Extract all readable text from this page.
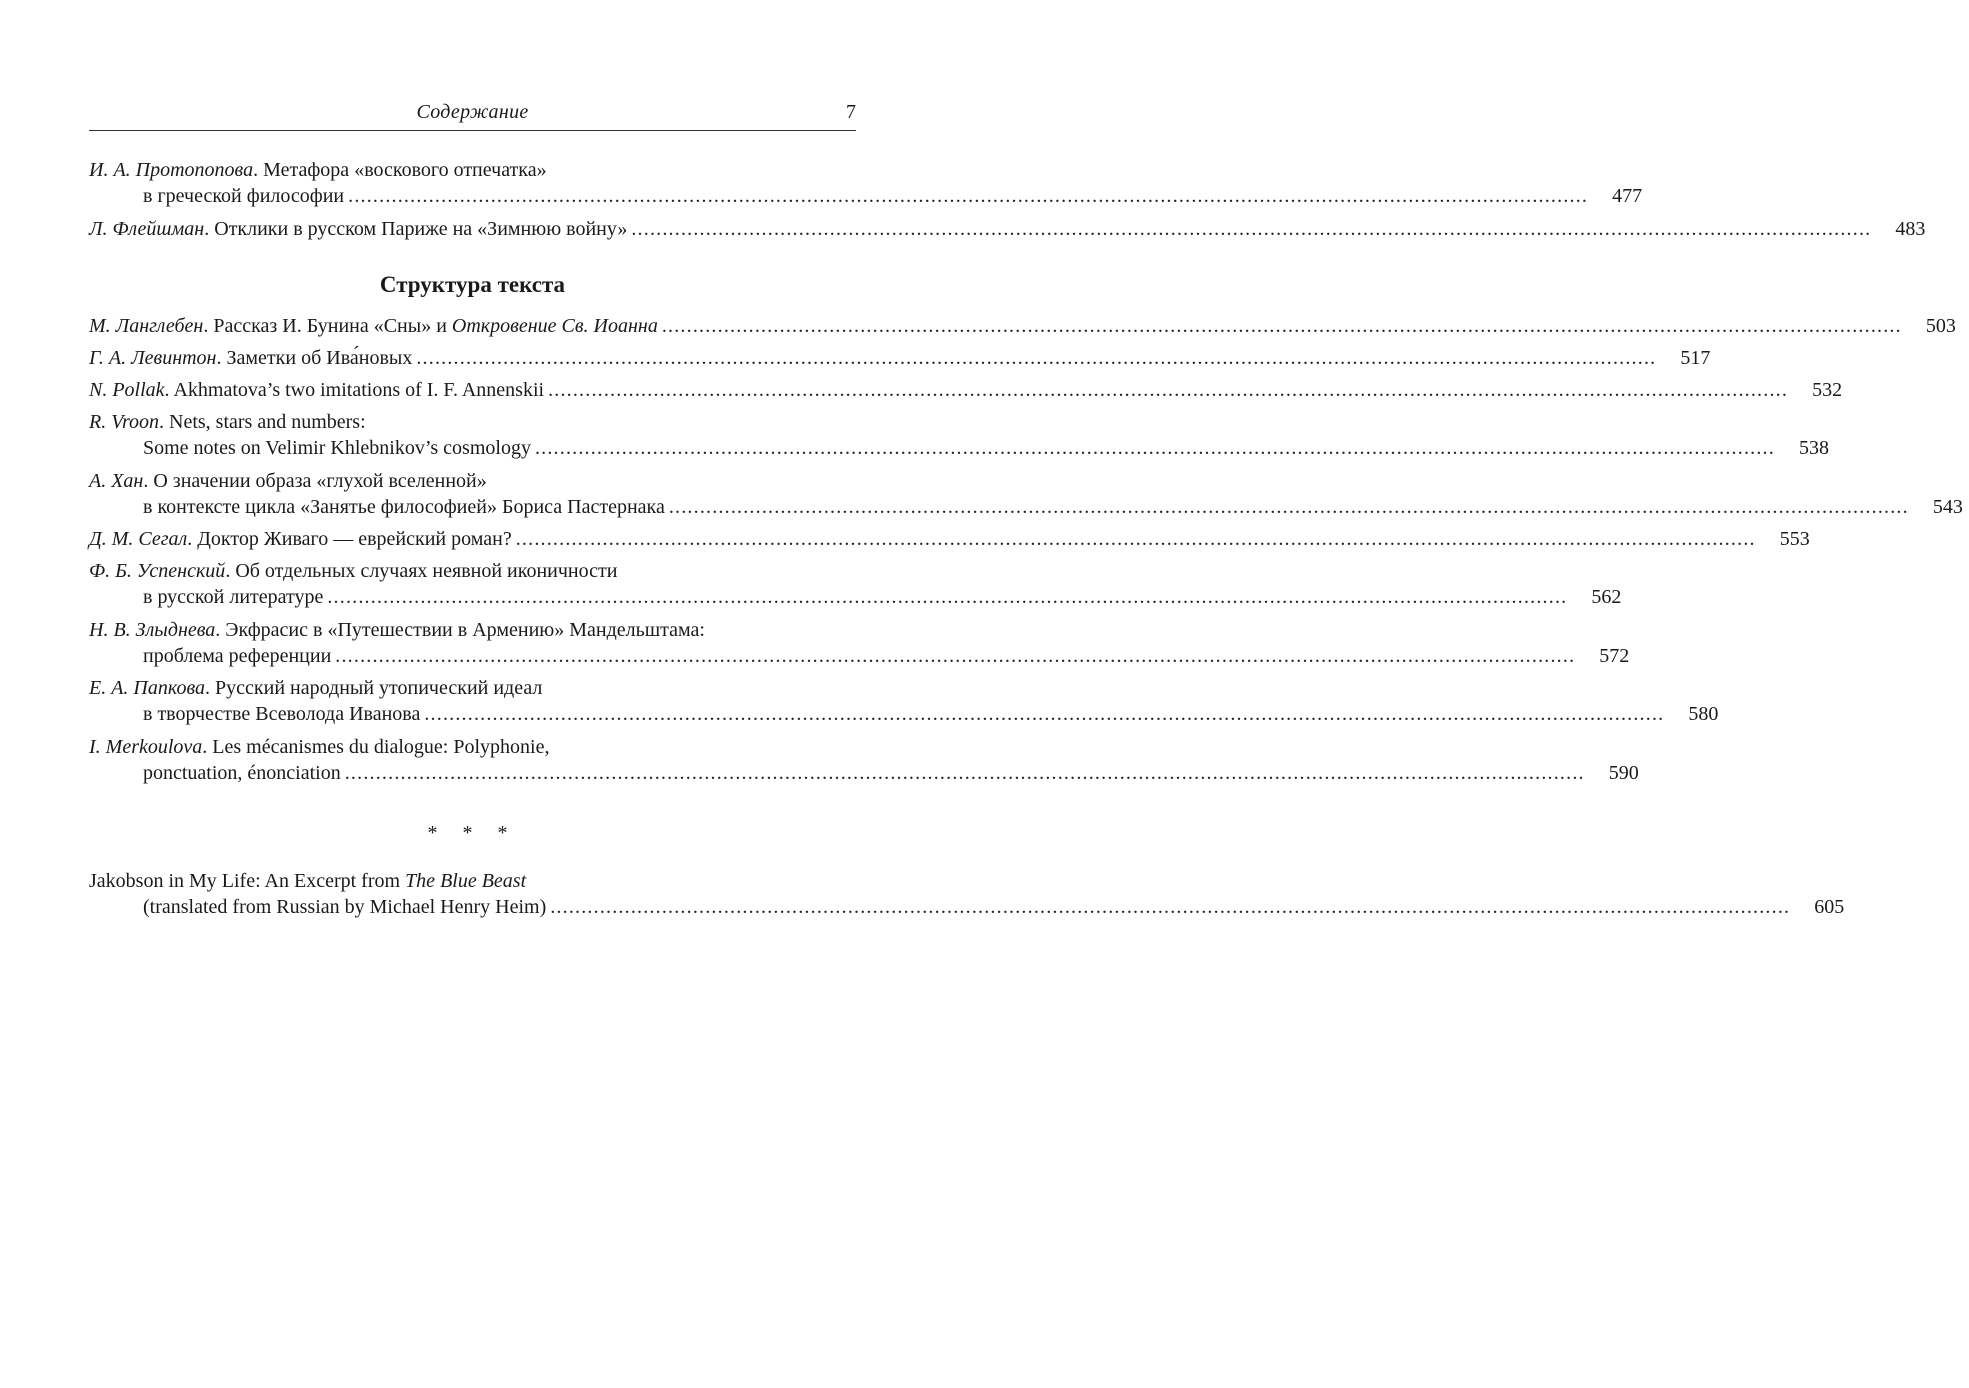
Содержание	7
И. А. Протопопова. Метафора «воскового отпечатка»
в греческой философии ........................................................................................................................................................................................................	477
Л. Флейшман. Отклики в русском Париже на «Зимнюю войну» ........................................................................................................................................................................................................	483
Структура текста
М. Ланглебен. Рассказ И. Бунина «Сны» и Откровение Св. Иоанна ........................................................................................................................................................................................................	503
Г. А. Левинтон. Заметки об Ива́новых ........................................................................................................................................................................................................	517
N. Pollak. Akhmatova’s two imitations of I. F. Annenskii ........................................................................................................................................................................................................	532
R. Vroon. Nets, stars and numbers:
Some notes on Velimir Khlebnikov’s cosmology ........................................................................................................................................................................................................	538
А. Хан. О значении образа «глухой вселенной»
в контексте цикла «Занятье философией» Бориса Пастернака ........................................................................................................................................................................................................	543
Д. М. Сегал. Доктор Живаго — еврейский роман? ........................................................................................................................................................................................................	553
Ф. Б. Успенский. Об отдельных случаях неявной иконичности
в русской литературе ........................................................................................................................................................................................................	562
Н. В. Злыднева. Экфрасис в «Путешествии в Армению» Мандельштама:
проблема референции ........................................................................................................................................................................................................	572
Е. А. Папкова. Русский народный утопический идеал
в творчестве Всеволода Иванова ........................................................................................................................................................................................................	580
I. Merkoulova. Les mécanismes du dialogue: Polyphonie,
ponctuation, énonciation ........................................................................................................................................................................................................	590
* * *
Jakobson in My Life: An Excerpt from The Blue Beast
(translated from Russian by Michael Henry Heim) ........................................................................................................................................................................................................	605
